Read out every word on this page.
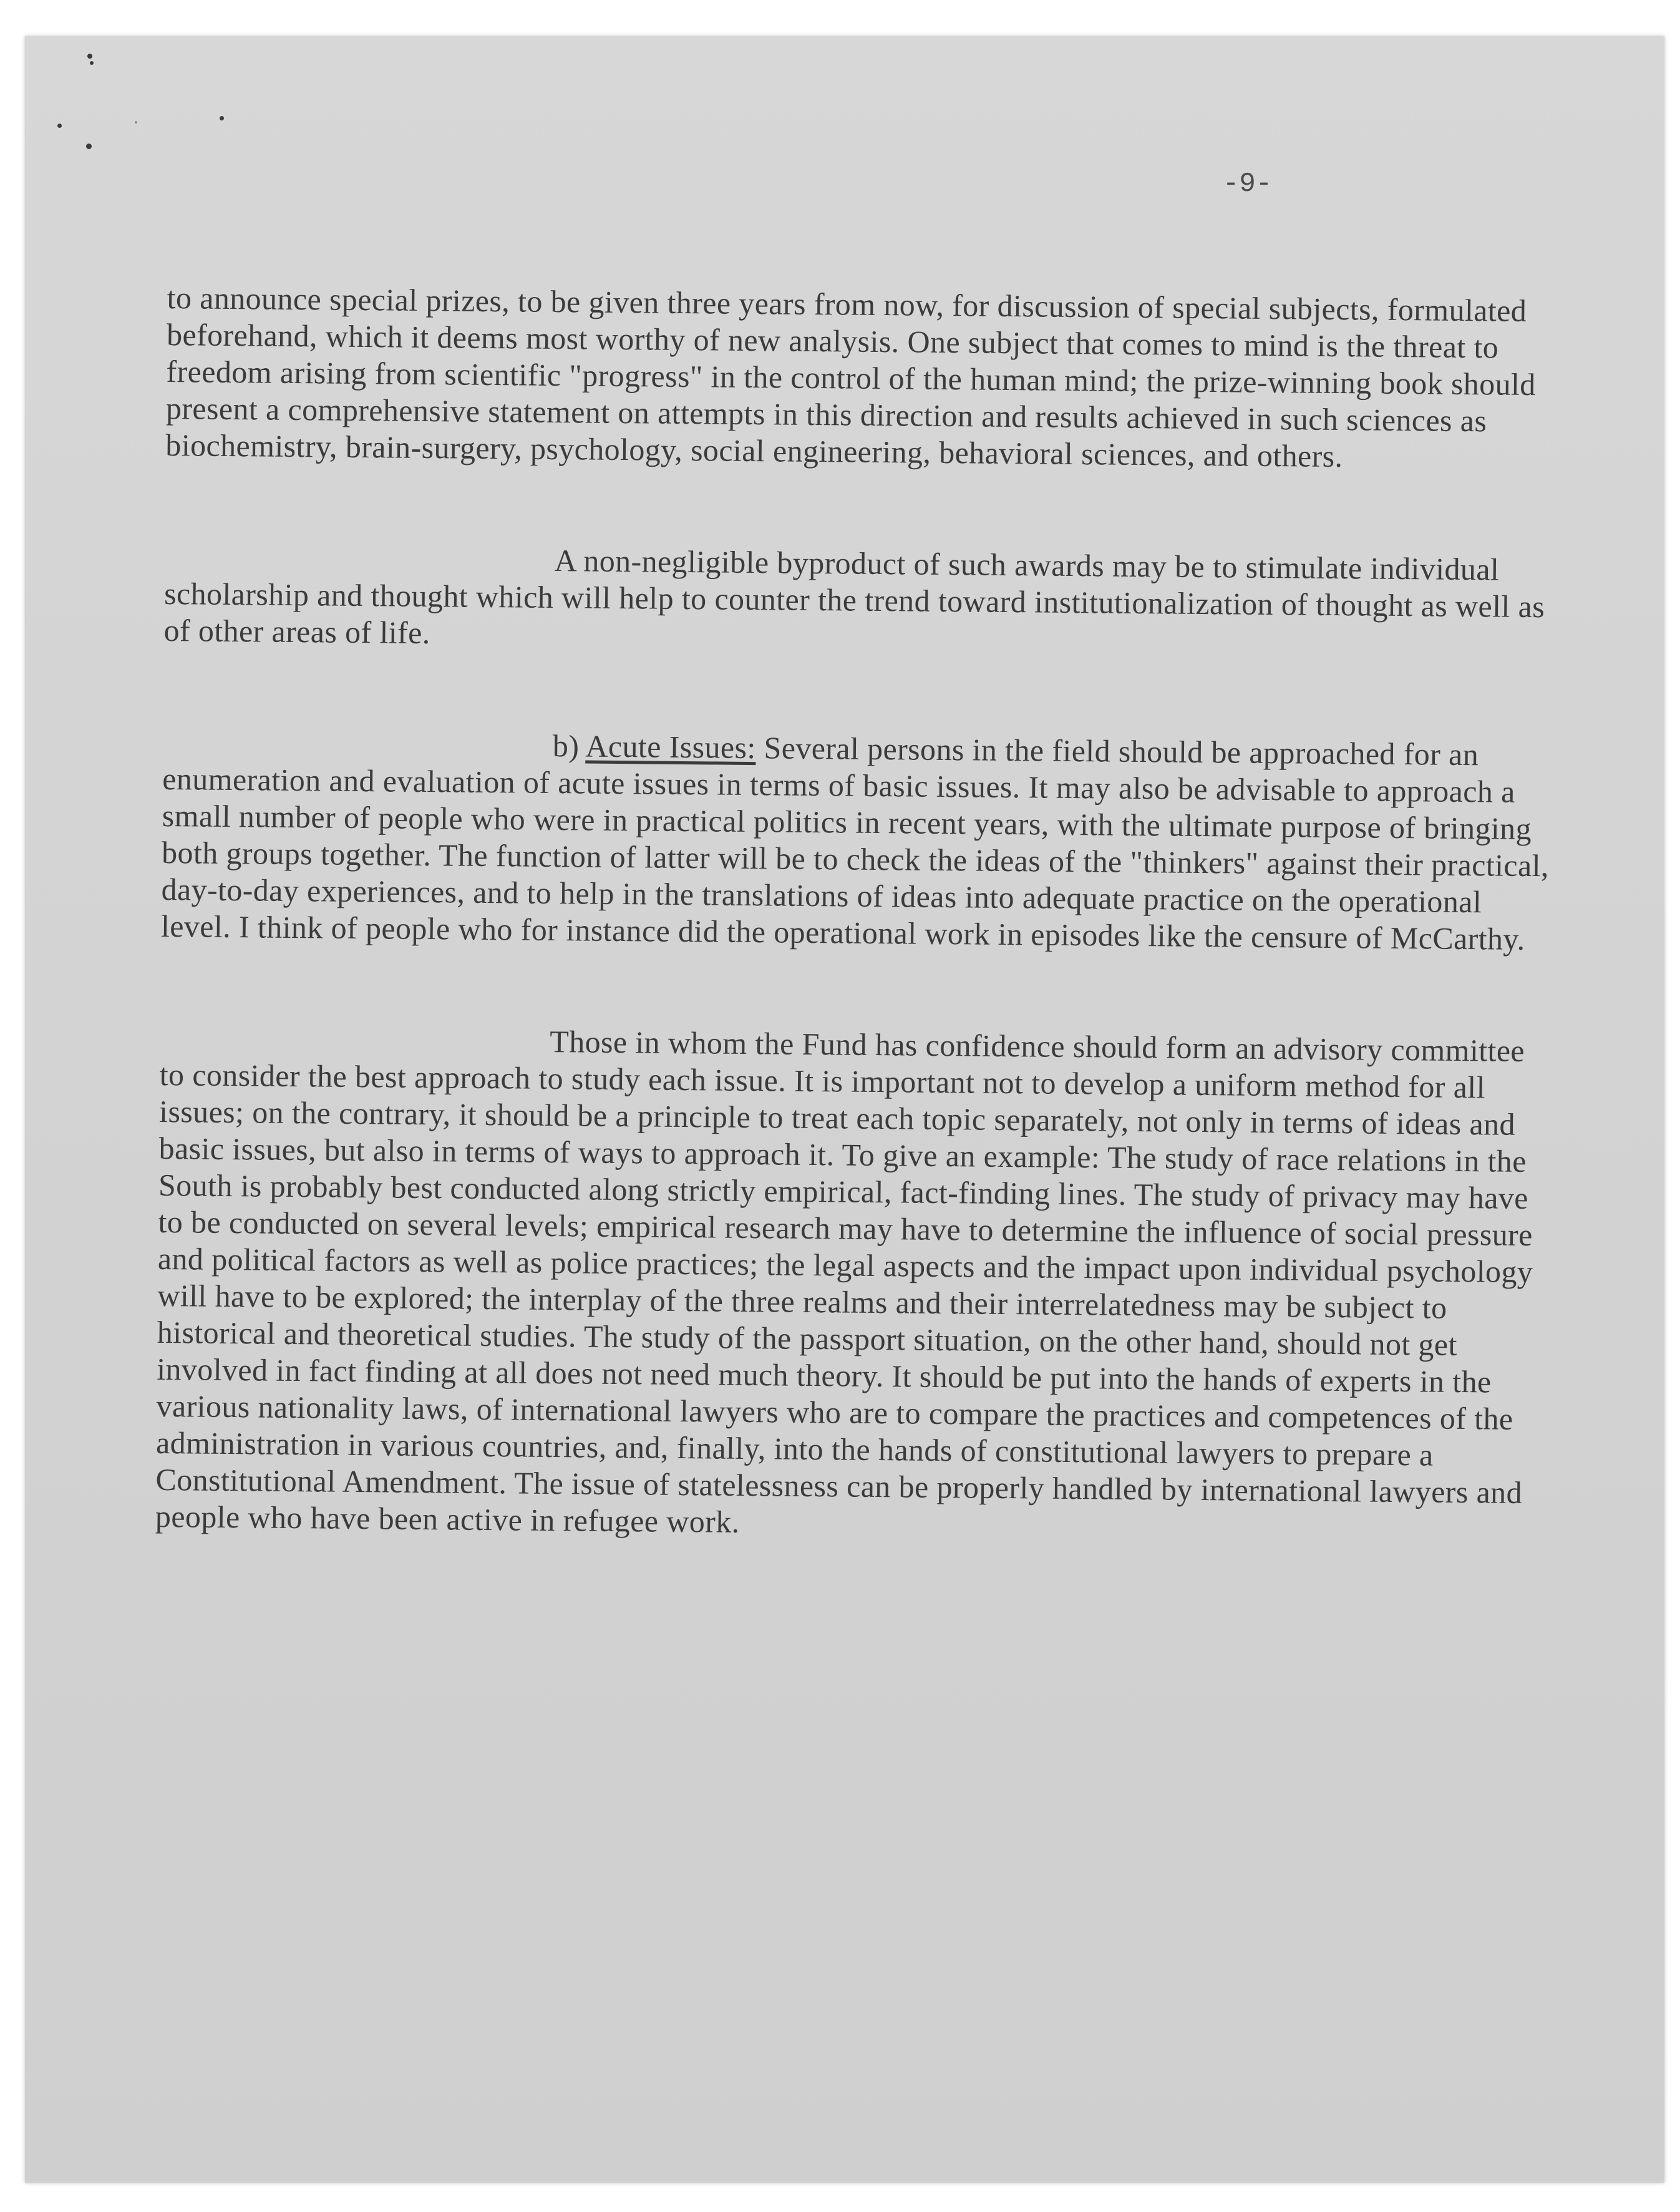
-9-

to announce special prizes, to be given three years from now, for discussion of special subjects, formulated beforehand, which it deems most worthy of new analysis. One subject that comes to mind is the threat to freedom arising from scientific "progress" in the control of the human mind; the prize-winning book should present a comprehensive statement on attempts in this direction and results achieved in such sciences as biochemistry, brain-surgery, psychology, social engineering, behavioral sciences, and others.

A non-negligible byproduct of such awards may be to stimulate individual scholarship and thought which will help to counter the trend toward institutionalization of thought as well as of other areas of life.

b) Acute Issues: Several persons in the field should be approached for an enumeration and evaluation of acute issues in terms of basic issues. It may also be advisable to approach a small number of people who were in practical politics in recent years, with the ultimate purpose of bringing both groups together. The function of latter will be to check the ideas of the "thinkers" against their practical, day-to-day experiences, and to help in the translations of ideas into adequate practice on the operational level. I think of people who for instance did the operational work in episodes like the censure of McCarthy.

Those in whom the Fund has confidence should form an advisory committee to consider the best approach to study each issue. It is important not to develop a uniform method for all issues; on the contrary, it should be a principle to treat each topic separately, not only in terms of ideas and basic issues, but also in terms of ways to approach it. To give an example: The study of race relations in the South is probably best conducted along strictly empirical, fact-finding lines. The study of privacy may have to be conducted on several levels; empirical research may have to determine the influence of social pressure and political factors as well as police practices; the legal aspects and the impact upon individual psychology will have to be explored; the interplay of the three realms and their interrelatedness may be subject to historical and theoretical studies. The study of the passport situation, on the other hand, should not get involved in fact finding at all does not need much theory. It should be put into the hands of experts in the various nationality laws, of international lawyers who are to compare the practices and competences of the administration in various countries, and, finally, into the hands of constitutional lawyers to prepare a Constitutional Amendment. The issue of statelessness can be properly handled by international lawyers and people who have been active in refugee work.
